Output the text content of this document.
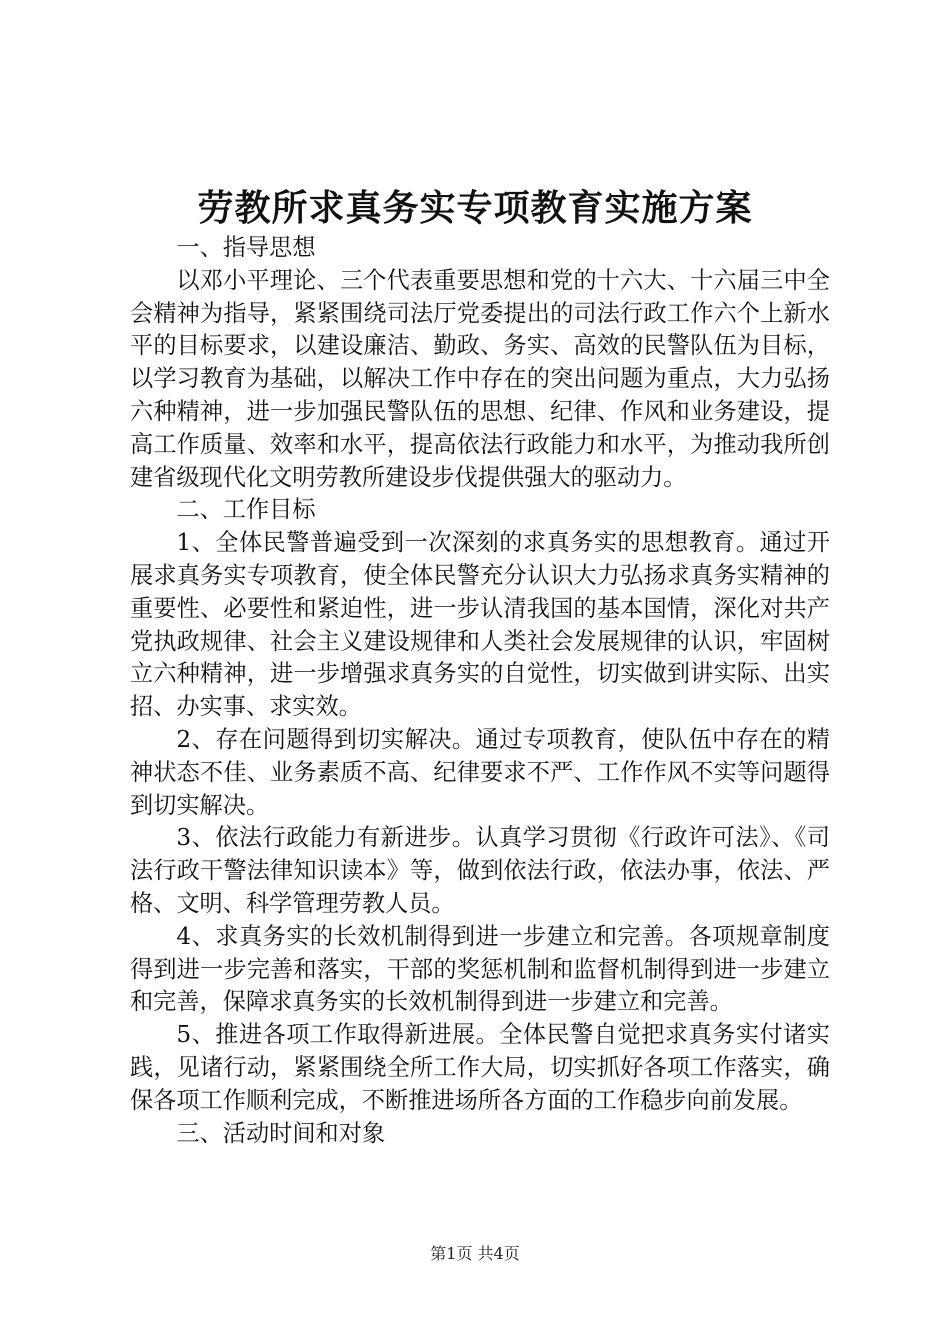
劳教所求真务实专项教育实施方案

一、指导思想

以邓小平理论、三个代表重要思想和党的十六大、十六届三中全会精神为指导，紧紧围绕司法厅党委提出的司法行政工作六个上新水平的目标要求，以建设廉洁、勤政、务实、高效的民警队伍为目标，以学习教育为基础，以解决工作中存在的突出问题为重点，大力弘扬六种精神，进一步加强民警队伍的思想、纪律、作风和业务建设，提高工作质量、效率和水平，提高依法行政能力和水平，为推动我所创建省级现代化文明劳教所建设步伐提供强大的驱动力。

二、工作目标

1、全体民警普遍受到一次深刻的求真务实的思想教育。通过开展求真务实专项教育，使全体民警充分认识大力弘扬求真务实精神的重要性、必要性和紧迫性，进一步认清我国的基本国情，深化对共产党执政规律、社会主义建设规律和人类社会发展规律的认识，牢固树立六种精神，进一步增强求真务实的自觉性，切实做到讲实际、出实招、办实事、求实效。

2、存在问题得到切实解决。通过专项教育，使队伍中存在的精神状态不佳、业务素质不高、纪律要求不严、工作作风不实等问题得到切实解决。

3、依法行政能力有新进步。认真学习贯彻《行政许可法》、《司法行政干警法律知识读本》等，做到依法行政，依法办事，依法、严格、文明、科学管理劳教人员。

4、求真务实的长效机制得到进一步建立和完善。各项规章制度得到进一步完善和落实，干部的奖惩机制和监督机制得到进一步建立和完善，保障求真务实的长效机制得到进一步建立和完善。

5、推进各项工作取得新进展。全体民警自觉把求真务实付诸实践，见诸行动，紧紧围绕全所工作大局，切实抓好各项工作落实，确保各项工作顺利完成，不断推进场所各方面的工作稳步向前发展。

三、活动时间和对象

第1页 共4页
